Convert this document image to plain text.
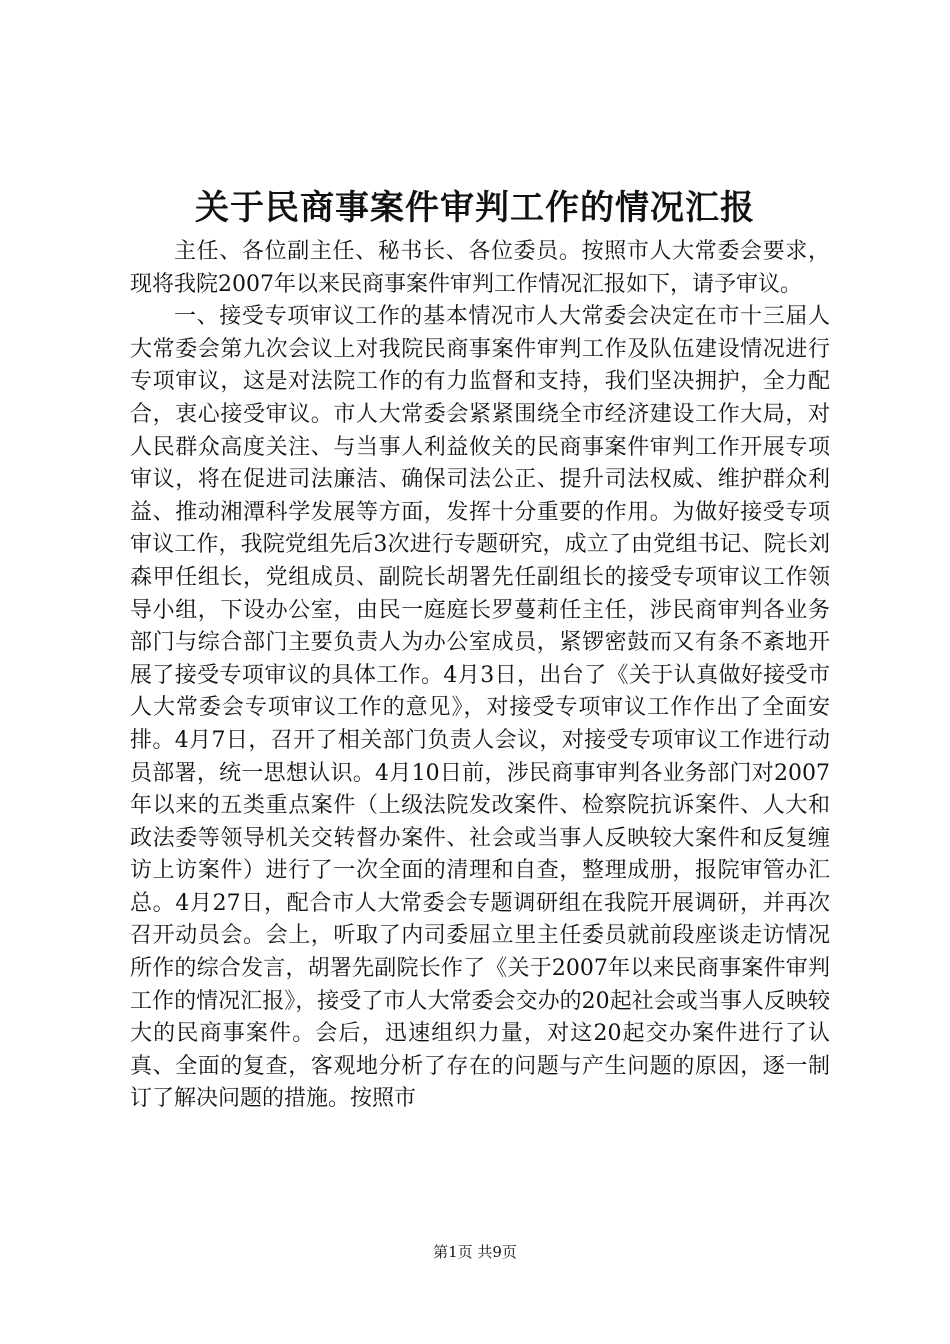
关于民商事案件审判工作的情况汇报

主任、各位副主任、秘书长、各位委员。按照市人大常委会要求，现将我院2007年以来民商事案件审判工作情况汇报如下，请予审议。

一、接受专项审议工作的基本情况市人大常委会决定在市十三届人大常委会第九次会议上对我院民商事案件审判工作及队伍建设情况进行专项审议，这是对法院工作的有力监督和支持，我们坚决拥护，全力配合，衷心接受审议。市人大常委会紧紧围绕全市经济建设工作大局，对人民群众高度关注、与当事人利益攸关的民商事案件审判工作开展专项审议，将在促进司法廉洁、确保司法公正、提升司法权威、维护群众利益、推动湘潭科学发展等方面，发挥十分重要的作用。为做好接受专项审议工作，我院党组先后3次进行专题研究，成立了由党组书记、院长刘森甲任组长，党组成员、副院长胡署先任副组长的接受专项审议工作领导小组，下设办公室，由民一庭庭长罗蔓莉任主任，涉民商审判各业务部门与综合部门主要负责人为办公室成员，紧锣密鼓而又有条不紊地开展了接受专项审议的具体工作。4月3日，出台了《关于认真做好接受市人大常委会专项审议工作的意见》，对接受专项审议工作作出了全面安排。4月7日，召开了相关部门负责人会议，对接受专项审议工作进行动员部署，统一思想认识。4月10日前，涉民商事审判各业务部门对2007年以来的五类重点案件（上级法院发改案件、检察院抗诉案件、人大和政法委等领导机关交转督办案件、社会或当事人反映较大案件和反复缠访上访案件）进行了一次全面的清理和自查，整理成册，报院审管办汇总。4月27日，配合市人大常委会专题调研组在我院开展调研，并再次召开动员会。会上，听取了内司委屈立里主任委员就前段座谈走访情况所作的综合发言，胡署先副院长作了《关于2007年以来民商事案件审判工作的情况汇报》，接受了市人大常委会交办的20起社会或当事人反映较大的民商事案件。会后，迅速组织力量，对这20起交办案件进行了认真、全面的复查，客观地分析了存在的问题与产生问题的原因，逐一制订了解决问题的措施。按照市

第1页 共9页
